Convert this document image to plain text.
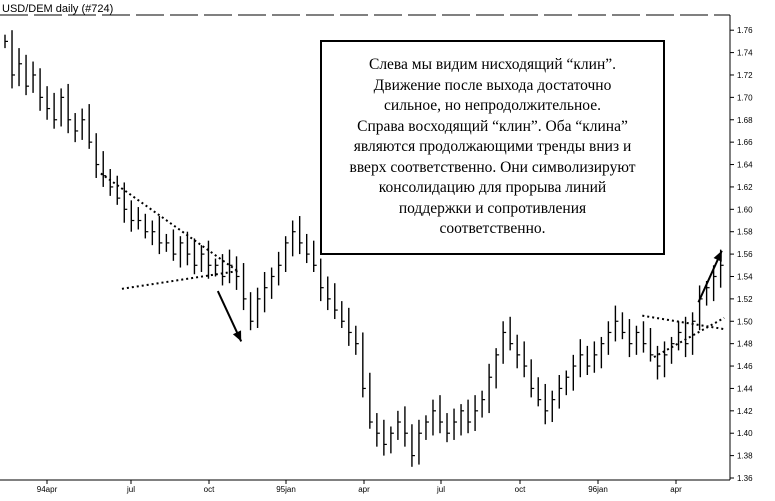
1.76
1.74
1.72
1.70
1.68
1.66
1.64
1.62
1.60
1.58
1.56
1.54
1.52
1.50
1.48
1.46
1.44
1.42
1.40
1.38
1.36
94apr	jul	oct	95jan	apr	jul	oct	96jan	apr
USD/DEM daily (#724)
Слева мы видим нисходящий “клин”.
Движение после выхода достаточно
сильное, но непродолжительное.
Справа восходящий “клин”. Оба “клина”
являются продолжающими тренды вниз и
вверх соответственно. Они символизируют
консолидацию для прорыва линий
поддержки и сопротивления
соответственно.
